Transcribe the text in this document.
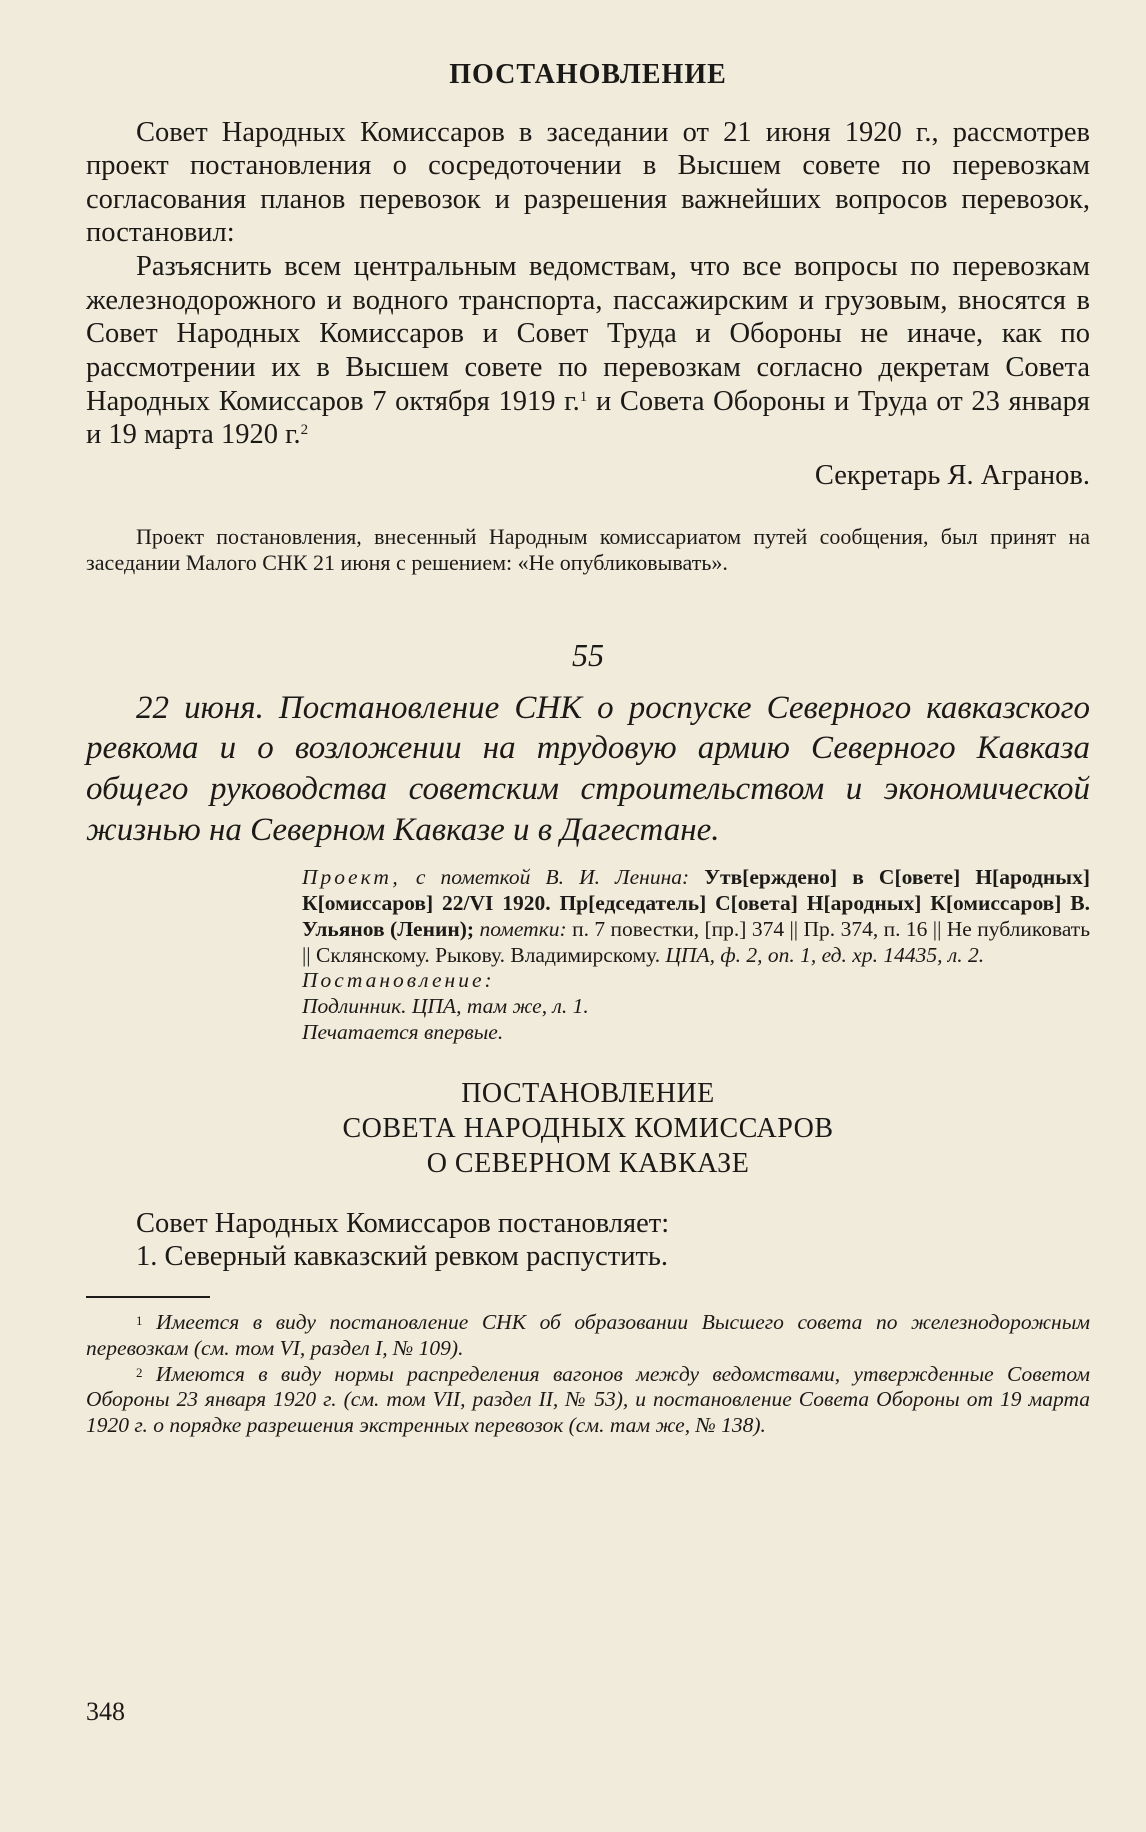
ПОСТАНОВЛЕНИЕ

Совет Народных Комиссаров в заседании от 21 июня 1920 г., рассмотрев проект постановления о сосредоточении в Высшем совете по перевозкам согласования планов перевозок и разрешения важнейших вопросов перевозок, постановил:

Разъяснить всем центральным ведомствам, что все вопросы по перевозкам железнодорожного и водного транспорта, пассажирским и грузовым, вносятся в Совет Народных Комиссаров и Совет Труда и Обороны не иначе, как по рассмотрении их в Высшем совете по перевозкам согласно декретам Совета Народных Комиссаров 7 октября 1919 г.$^1$ и Совета Обороны и Труда от 23 января и 19 марта 1920 г.$^2$

Секретарь Я. Агранов.

Проект постановления, внесенный Народным комиссариатом путей сообщения, был принят на заседании Малого СНК 21 июня с решением: «Не опубликовывать».

55

22 июня. Постановление СНК о роспуске Северного кавказского ревкома и о возложении на трудовую армию Северного Кавказа общего руководства советским строительством и экономической жизнью на Северном Кавказе и в Дагестане.

Проект, с пометкой В. И. Ленина: Утв[ерждено] в С[овете] Н[ародных] К[омиссаров] 22/VI 1920. Пр[едседатель] С[овета] Н[ародных] К[омиссаров] В. Ульянов (Ленин); пометки: п. 7 повестки, [пр.] 374 || Пр. 374, п. 16 || Не публиковать || Склянскому. Рыкову. Владимирскому. ЦПА, ф. 2, оп. 1, ед. хр. 14435, л. 2.

Постановление:

Подлинник. ЦПА, там же, л. 1.

Печатается впервые.

ПОСТАНОВЛЕНИЕ
СОВЕТА НАРОДНЫХ КОМИССАРОВ
О СЕВЕРНОМ КАВКАЗЕ

Совет Народных Комиссаров постановляет:

1. Северный кавказский ревком распустить.

$^1$ Имеется в виду постановление СНК об образовании Высшего совета по железнодорожным перевозкам (см. том VI, раздел I, № 109).

$^2$ Имеются в виду нормы распределения вагонов между ведомствами, утвержденные Советом Обороны 23 января 1920 г. (см. том VII, раздел II, № 53), и постановление Совета Обороны от 19 марта 1920 г. о порядке разрешения экстренных перевозок (см. там же, № 138).

348
